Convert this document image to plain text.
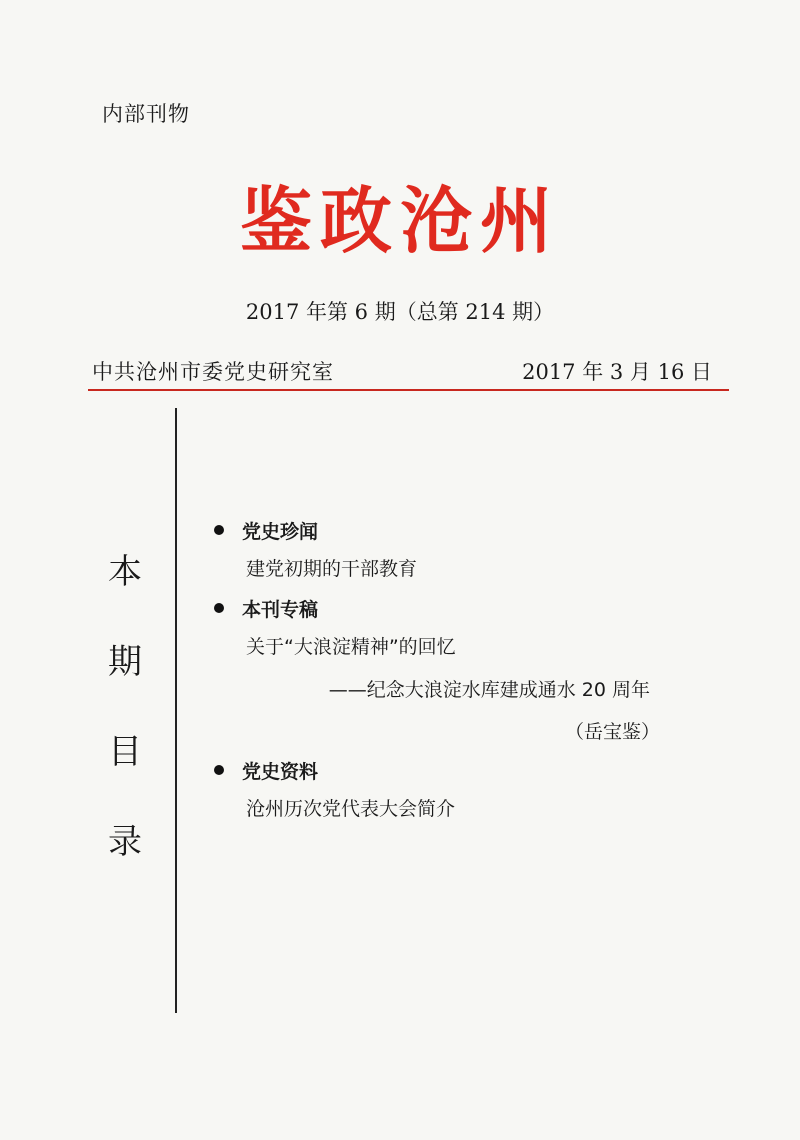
内部刊物
鉴政沧州
2017 年第 6 期（总第 214 期）
中共沧州市委党史研究室	2017 年 3 月 16 日
本
期
目
录
党史珍闻
建党初期的干部教育
本刊专稿
关于“大浪淀精神”的回忆
——纪念大浪淀水库建成通水 20 周年
（岳宝鉴）
党史资料
沧州历次党代表大会简介
